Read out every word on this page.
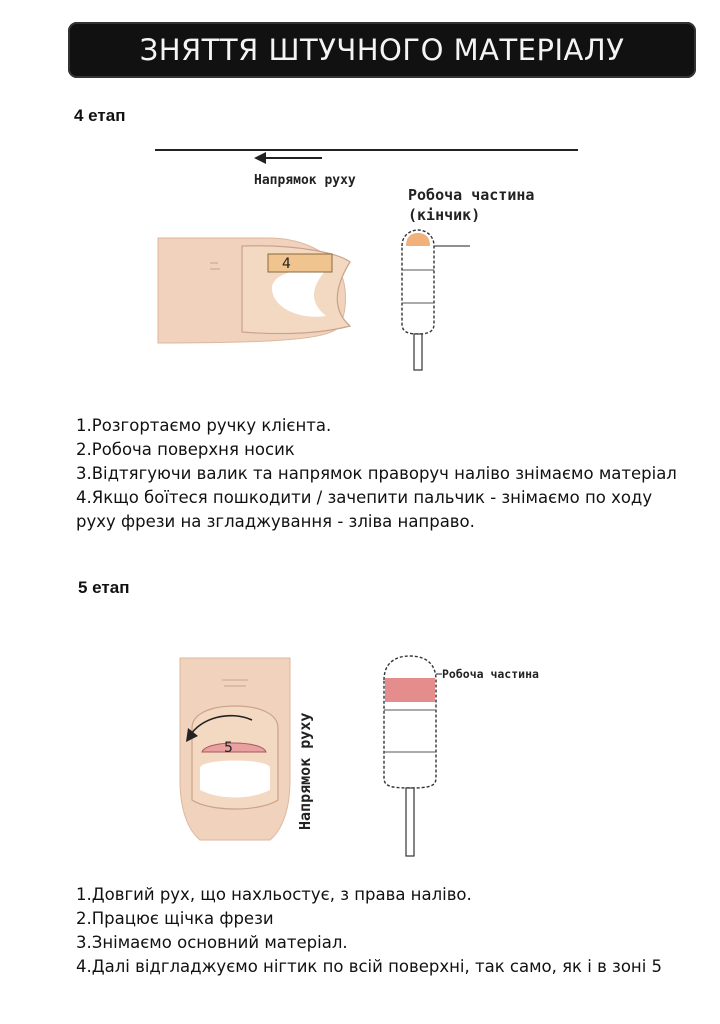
ЗНЯТТЯ ШТУЧНОГО МАТЕРІАЛУ
4 етап
Напрямок руху
4
Робоча частина
(кінчик)
1.Розгортаємо ручку клієнта.
2.Робоча поверхня носик
3.Відтягуючи валик та напрямок праворуч наліво знімаємо матеріал
4.Якщо боїтеся пошкодити / зачепити пальчик - знімаємо по ходу руху фрези на згладжування - зліва направо.
5 етап
5	Напрямок руху
Робоча частина
1.Довгий рух, що нахльостує, з права наліво.
2.Працює щічка фрези
3.Знімаємо основний матеріал.
4.Далі відгладжуємо нігтик по всій поверхні, так само, як і в зоні 5
